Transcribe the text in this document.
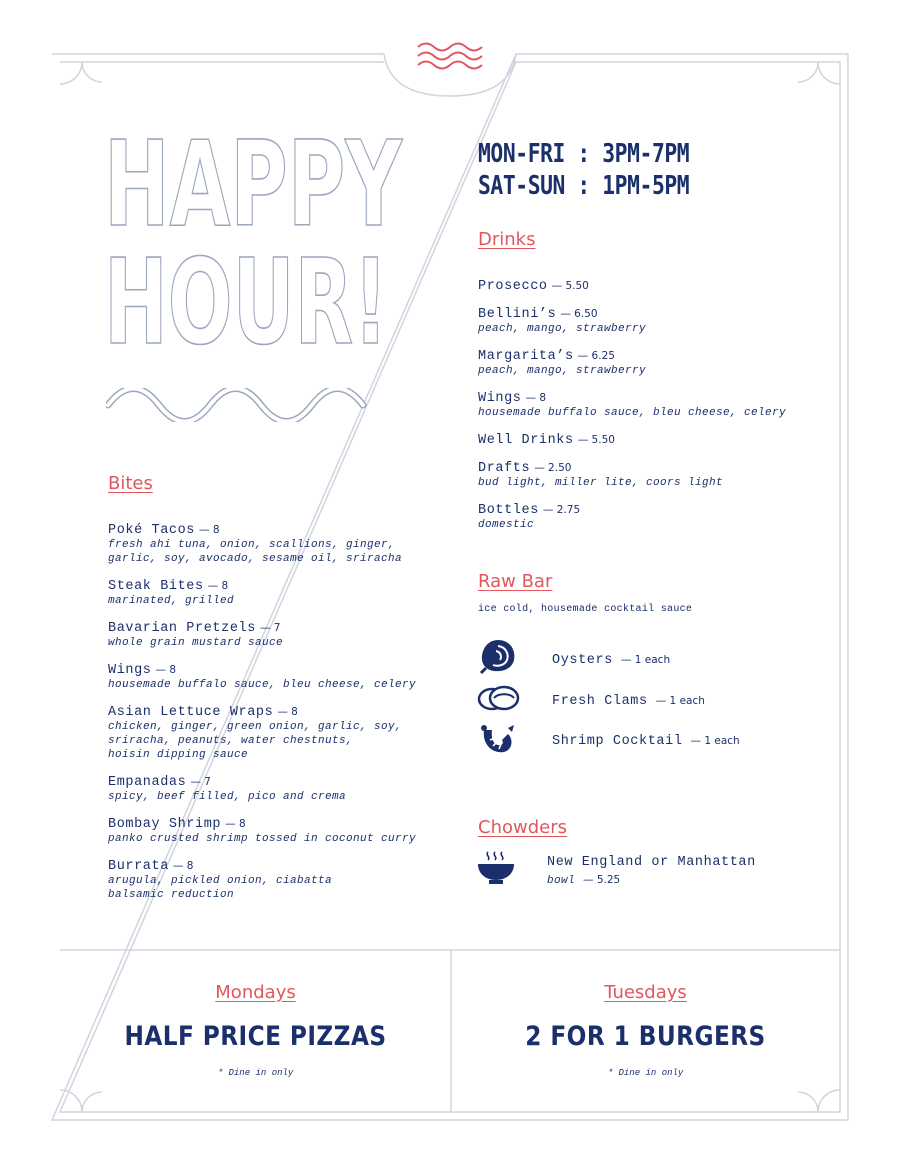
HAPPY
HOUR!
MON-FRI : 3PM-7PM
SAT-SUN : 1PM-5PM
Bites
Poké Tacos — 8
fresh ahi tuna, onion, scallions, ginger,
garlic, soy, avocado, sesame oil, sriracha
Steak Bites — 8
marinated, grilled
Bavarian Pretzels — 7
whole grain mustard sauce
Wings — 8
housemade buffalo sauce, bleu cheese, celery
Asian Lettuce Wraps — 8
chicken, ginger, green onion, garlic, soy,
sriracha, peanuts, water chestnuts,
hoisin dipping sauce
Empanadas — 7
spicy, beef filled, pico and crema
Bombay Shrimp — 8
panko crusted shrimp tossed in coconut curry
Burrata — 8
arugula, pickled onion, ciabatta
balsamic reduction
Drinks
Prosecco — 5.50
Bellini’s — 6.50
peach, mango, strawberry
Margarita’s — 6.25
peach, mango, strawberry
Wings — 8
housemade buffalo sauce, bleu cheese, celery
Well Drinks — 5.50
Drafts — 2.50
bud light, miller lite, coors light
Bottles — 2.75
domestic
Raw Bar
ice cold, housemade cocktail sauce
Oysters — 1 each
Fresh Clams — 1 each
Shrimp Cocktail — 1 each
Chowders
New England or Manhattan
bowl — 5.25
Mondays
HALF PRICE PIZZAS
* Dine in only
Tuesdays
2 FOR 1 BURGERS
* Dine in only
